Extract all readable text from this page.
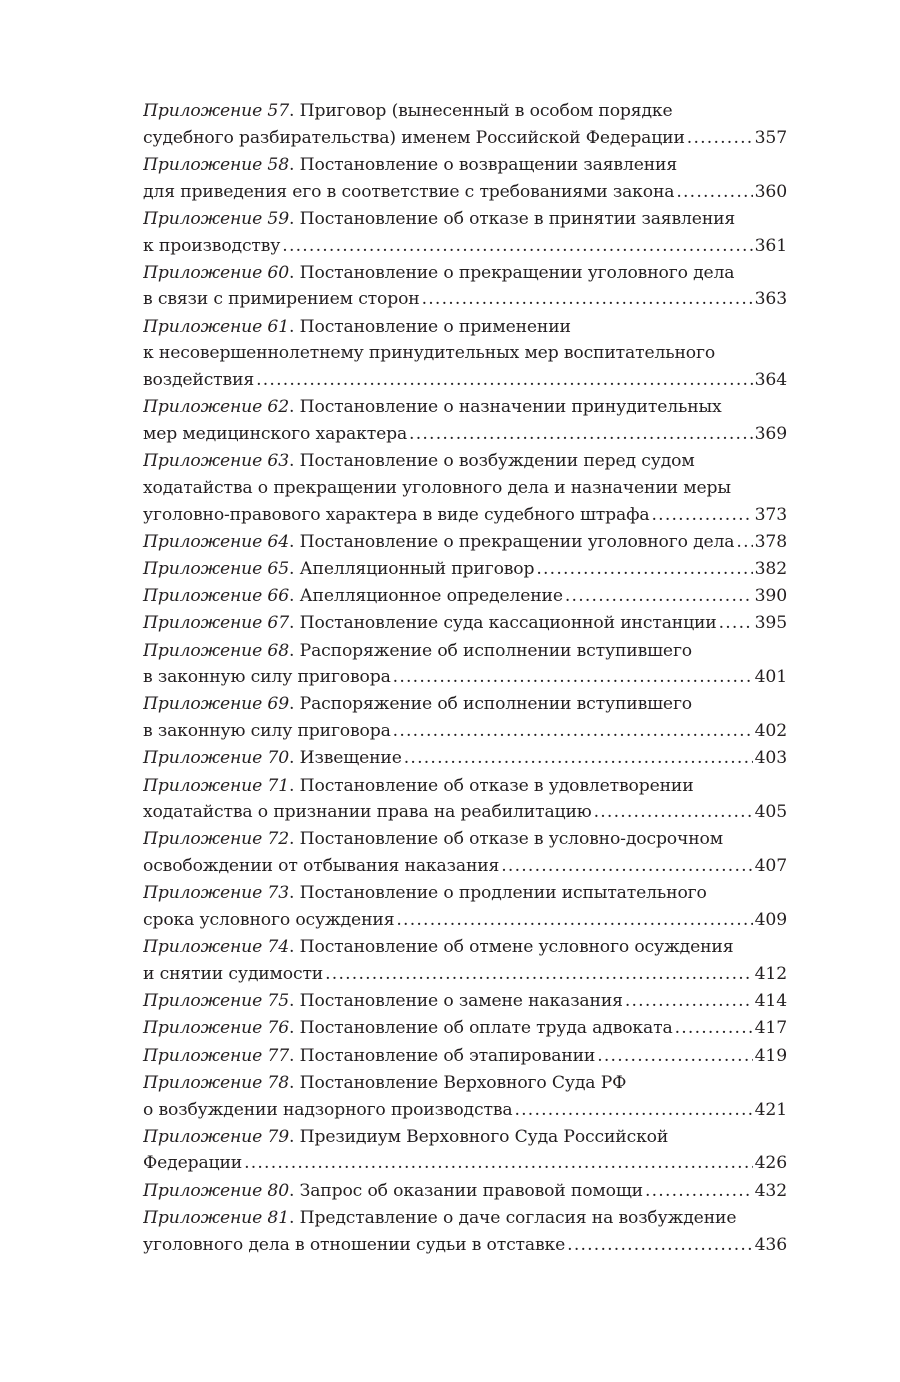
Приложение 57. Приговор (вынесенный в особом порядке
судебного разбирательства) именем Российской Федерации .....	357
Приложение 58. Постановление о возвращении заявления
для приведения его в соответствие с требованиями закона .....	360
Приложение 59. Постановление об отказе в принятии заявления
к производству .....	361
Приложение 60. Постановление о прекращении уголовного дела
в связи с примирением сторон .....	363
Приложение 61. Постановление о применении
к несовершеннолетнему принудительных мер воспитательного
воздействия .....	364
Приложение 62. Постановление о назначении принудительных
мер медицинского характера .....	369
Приложение 63. Постановление о возбуждении перед судом
ходатайства о прекращении уголовного дела и назначении меры
уголовно-правового характера в виде судебного штрафа .....	373
Приложение 64. Постановление о прекращении уголовного дела ..... 378
Приложение 65. Апелляционный приговор .....	382
Приложение 66. Апелляционное определение .....	390
Приложение 67. Постановление суда кассационной инстанции ..... 395
Приложение 68. Распоряжение об исполнении вступившего
в законную силу приговора .....	401
Приложение 69. Распоряжение об исполнении вступившего
в законную силу приговора .....	402
Приложение 70. Извещение .....	403
Приложение 71. Постановление об отказе в удовлетворении
ходатайства о признании права на реабилитацию .....	405
Приложение 72. Постановление об отказе в условно-досрочном
освобождении от отбывания наказания .....	407
Приложение 73. Постановление о продлении испытательного
срока условного осуждения .....	409
Приложение 74. Постановление об отмене условного осуждения
и снятии судимости .....	412
Приложение 75. Постановление о замене наказания .....	414
Приложение 76. Постановление об оплате труда адвоката .....	417
Приложение 77. Постановление об этапировании .....	419
Приложение 78. Постановление Верховного Суда РФ
о возбуждении надзорного производства .....	421
Приложение 79. Президиум Верховного Суда Российской
Федерации .....	426
Приложение 80. Запрос об оказании правовой помощи .....	432
Приложение 81. Представление о даче согласия на возбуждение
уголовного дела в отношении судьи в отставке .....	436
